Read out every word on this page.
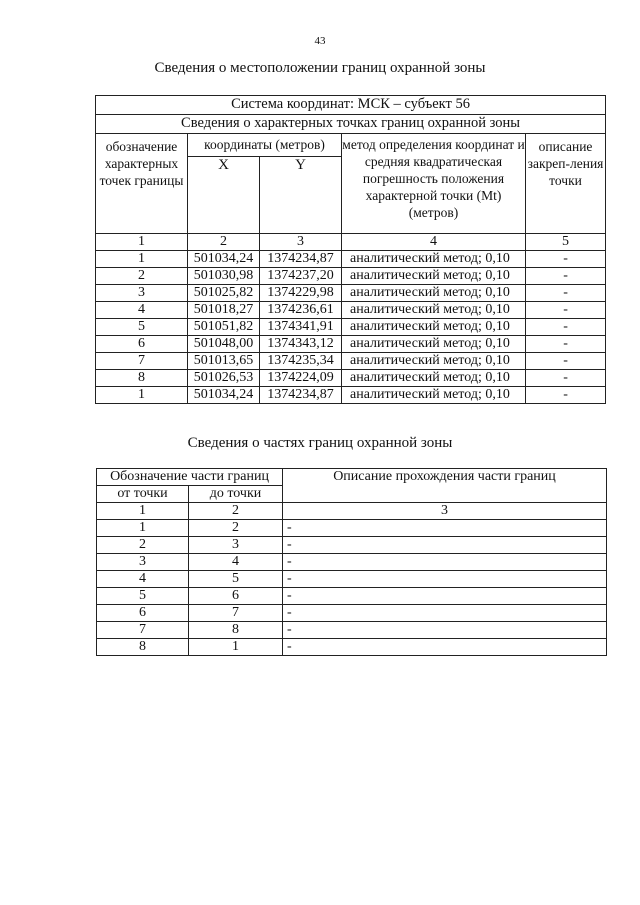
43
Сведения о местоположении границ охранной зоны
Система координат: МСК – субъект 56				
Сведения о характерных точках границ охранной зоны				
обозначение характерных точек границы	координаты (метров)		метод определения координат и средняя квадратическая погрешность положения характерной точки (Mt) (метров)	описание закреп-ления точки
	X	Y		
1	2	3	4	5
1	501034,24	1374234,87	аналитический метод; 0,10	-
2	501030,98	1374237,20	аналитический метод; 0,10	-
3	501025,82	1374229,98	аналитический метод; 0,10	-
4	501018,27	1374236,61	аналитический метод; 0,10	-
5	501051,82	1374341,91	аналитический метод; 0,10	-
6	501048,00	1374343,12	аналитический метод; 0,10	-
7	501013,65	1374235,34	аналитический метод; 0,10	-
8	501026,53	1374224,09	аналитический метод; 0,10	-
1	501034,24	1374234,87	аналитический метод; 0,10	-
Сведения о частях границ охранной зоны
Обозначение части границ		Описание прохождения части границ
от точки	до точки	
1	2	3
1	2	-
2	3	-
3	4	-
4	5	-
5	6	-
6	7	-
7	8	-
8	1	-
